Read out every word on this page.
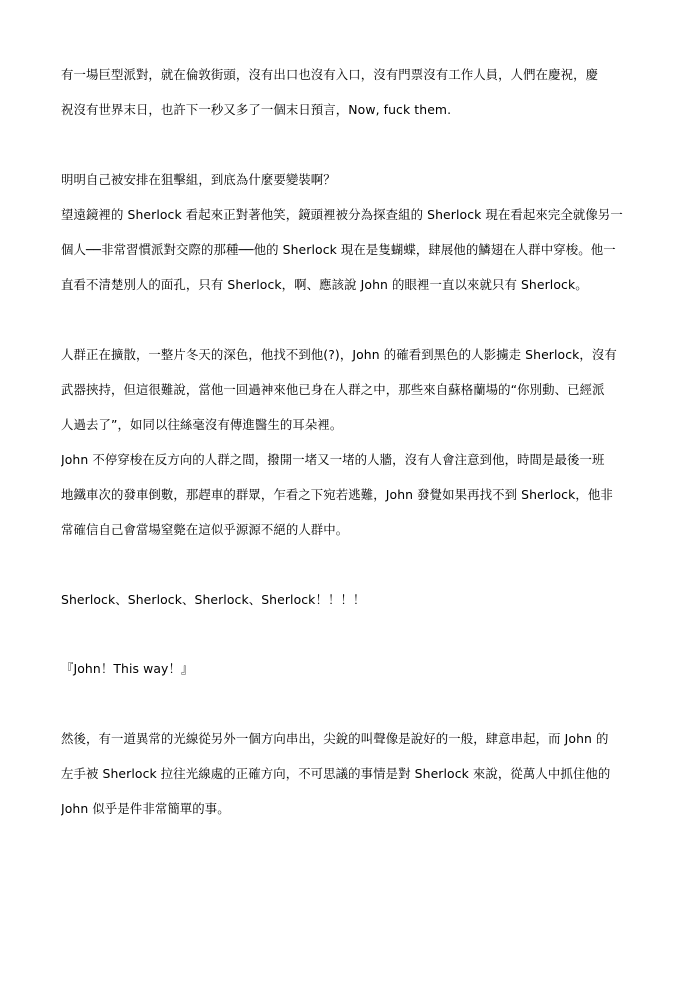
有一場巨型派對，就在倫敦街頭，沒有出口也沒有入口，沒有門票沒有工作人員，人們在慶祝，慶
祝沒有世界末日，也許下一秒又多了一個末日預言，Now, fuck them.
明明自己被安排在狙擊組，到底為什麼要變裝啊？
望遠鏡裡的 Sherlock 看起來正對著他笑，鏡頭裡被分為探查組的 Sherlock 現在看起來完全就像另一
個人──非常習慣派對交際的那種──他的 Sherlock 現在是隻蝴蝶，肆展他的鱗翅在人群中穿梭。他一
直看不清楚別人的面孔，只有 Sherlock，啊、應該說 John 的眼裡一直以來就只有 Sherlock。
人群正在擴散，一整片冬天的深色，他找不到他(?)，John 的確看到黑色的人影擄走 Sherlock，沒有
武器挾持，但這很難說，當他一回過神來他已身在人群之中，那些來自蘇格蘭場的“你別動、已經派
人過去了”，如同以往絲毫沒有傳進醫生的耳朵裡。
John 不停穿梭在反方向的人群之間，撥開一堵又一堵的人牆，沒有人會注意到他，時間是最後一班
地鐵車次的發車倒數，那趕車的群眾，乍看之下宛若逃難，John 發覺如果再找不到 Sherlock，他非
常確信自己會當場窒斃在這似乎源源不絕的人群中。
Sherlock、Sherlock、Sherlock、Sherlock！！！！
『John！This way！』
然後，有一道異常的光線從另外一個方向串出，尖銳的叫聲像是說好的一般，肆意串起，而 John 的
左手被 Sherlock 拉往光線處的正確方向，不可思議的事情是對 Sherlock 來說，從萬人中抓住他的
John 似乎是件非常簡單的事。
